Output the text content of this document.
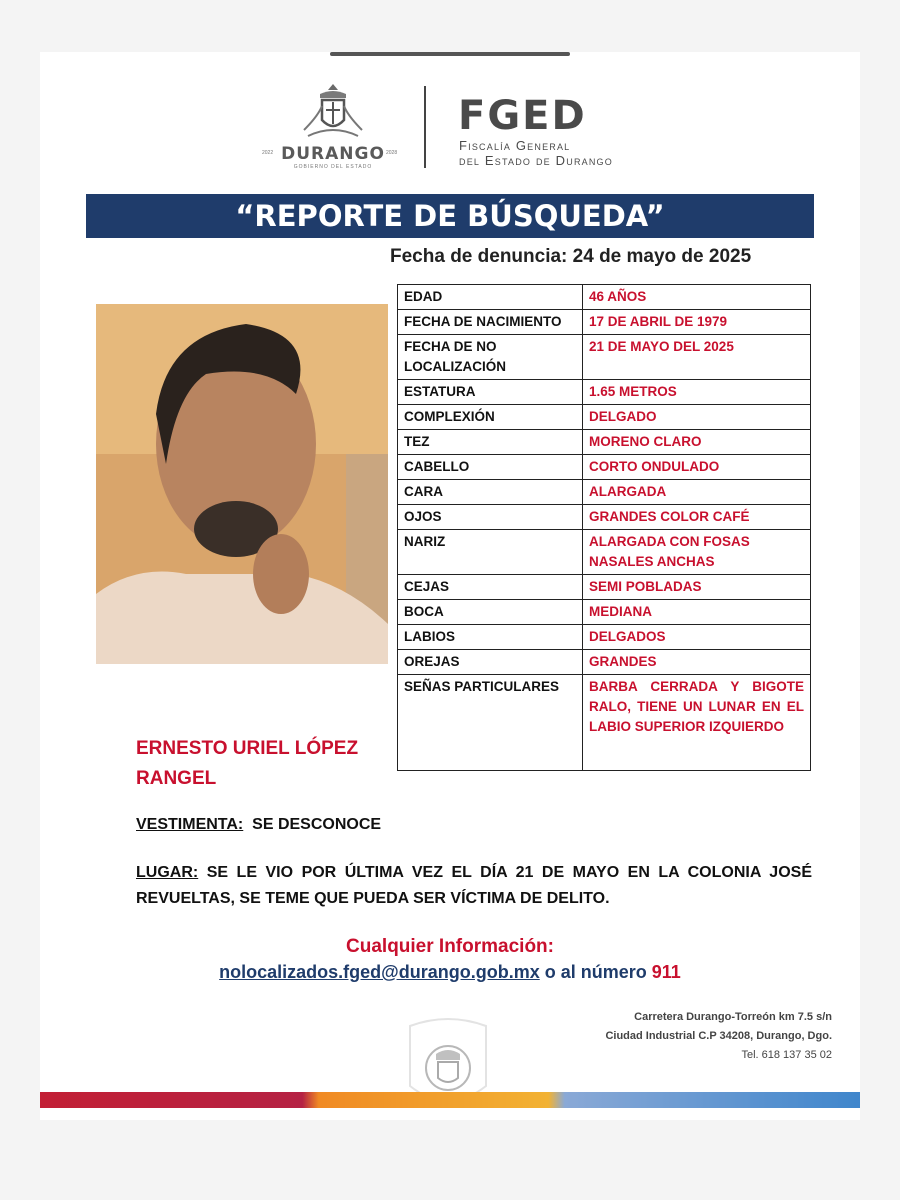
DURANGO
GOBIERNO DEL ESTADO
2022	2028
FGED
Fiscalía General
del Estado de Durango
“REPORTE DE BÚSQUEDA”
Fecha de denuncia: 24 de mayo de 2025
EDAD	46 AÑOS
FECHA DE NACIMIENTO	17 DE ABRIL DE 1979
FECHA DE NO LOCALIZACIÓN	21 DE MAYO DEL 2025
ESTATURA	1.65 METROS
COMPLEXIÓN	DELGADO
TEZ	MORENO CLARO
CABELLO	CORTO ONDULADO
CARA	ALARGADA
OJOS	GRANDES COLOR CAFÉ
NARIZ	ALARGADA CON FOSAS NASALES ANCHAS
CEJAS	SEMI POBLADAS
BOCA	MEDIANA
LABIOS	DELGADOS
OREJAS	GRANDES
SEÑAS PARTICULARES	BARBA CERRADA Y BIGOTE RALO, TIENE UN LUNAR EN EL LABIO SUPERIOR IZQUIERDO
ERNESTO URIEL LÓPEZ RANGEL
VESTIMENTA: SE DESCONOCE
LUGAR: SE LE VIO POR ÚLTIMA VEZ EL DÍA 21 DE MAYO EN LA COLONIA JOSÉ REVUELTAS, SE TEME QUE PUEDA SER VÍCTIMA DE DELITO.
Cualquier Información:
nolocalizados.fged@durango.gob.mx o al número 911
Carretera Durango-Torreón km 7.5 s/n
Ciudad Industrial C.P 34208, Durango, Dgo.
Tel. 618 137 35 02
